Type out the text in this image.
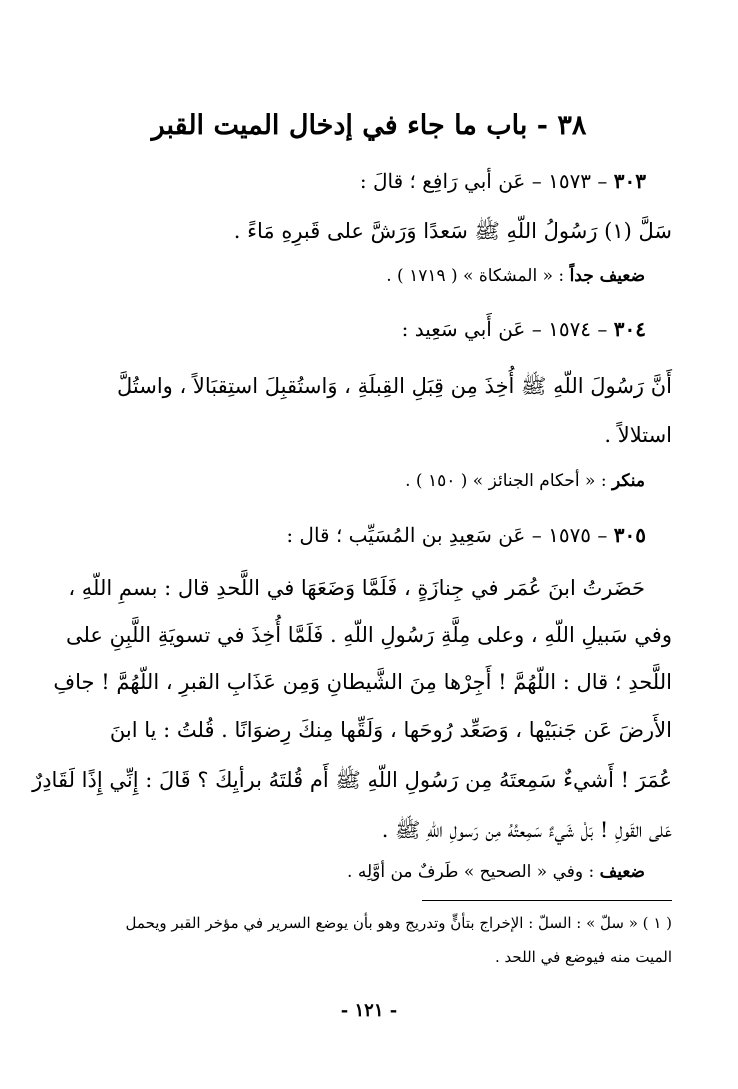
٣٨ - باب ما جاء في إدخال الميت القبر
٣٠٣ – ١٥٧٣ – عَن أبي رَافِع ؛ قالَ :
سَلَّ (١) رَسُولُ اللّهِ ﷺ سَعدًا وَرَشَّ على قَبرِهِ مَاءً .
ضعيف جداً : « المشكاة » ( ١٧١٩ ) .
٣٠٤ – ١٥٧٤ – عَن أَبي سَعِيد :
أَنَّ رَسُولَ اللّهِ ﷺ أُخِذَ مِن قِبَلِ القِبلَةِ ، وَاستُقبِلَ استِقبَالاً ، واستُلَّ
استلالاً .
منكر : « أحكام الجنائز » ( ١٥٠ ) .
٣٠٥ – ١٥٧٥ – عَن سَعِيدِ بن المُسَيِّب ؛ قال :
حَضَرتُ ابنَ عُمَر في جِنازَةٍ ، فَلَمَّا وَضَعَهَا في اللَّحدِ قال : بسمِ اللّهِ ،
وفي سَبيلِ اللّهِ ، وعلى مِلَّةِ رَسُولِ اللّهِ . فَلَمَّا أُخِذَ في تسويَةِ اللَّبِنِ على
اللَّحدِ ؛ قال : اللّهُمَّ ! أَجِرْها مِنَ الشَّيطانِ وَمِن عَذَابِ القبرِ ، اللّهُمَّ ! جافِ
الأَرضَ عَن جَنبَيْها ، وَصَعِّد رُوحَها ، وَلَقِّها مِنكَ رِضوَانًا . قُلتُ : يا ابنَ
عُمَرَ ! أَشيءٌ سَمِعتَهُ مِن رَسُولِ اللّهِ ﷺ أَم قُلتَهُ برأيِكَ ؟ قَالَ : إِنِّي إِذًا لَقَادِرٌ
عَلى القَولِ ! بَلْ شَيءٌ سَمِعتُهُ مِن رَسولِ اللّهِ ﷺ .
ضعيف : وفي « الصحيح » طَرفٌ من أوَّلِه .
( ١ ) « سلّ » : السلّ : الإخراج بتأنٍّ وتدريج وهو بأن يوضع السرير في مؤخر القبر ويحمل
الميت منه فيوضع في اللحد .
- ١٢١ -
